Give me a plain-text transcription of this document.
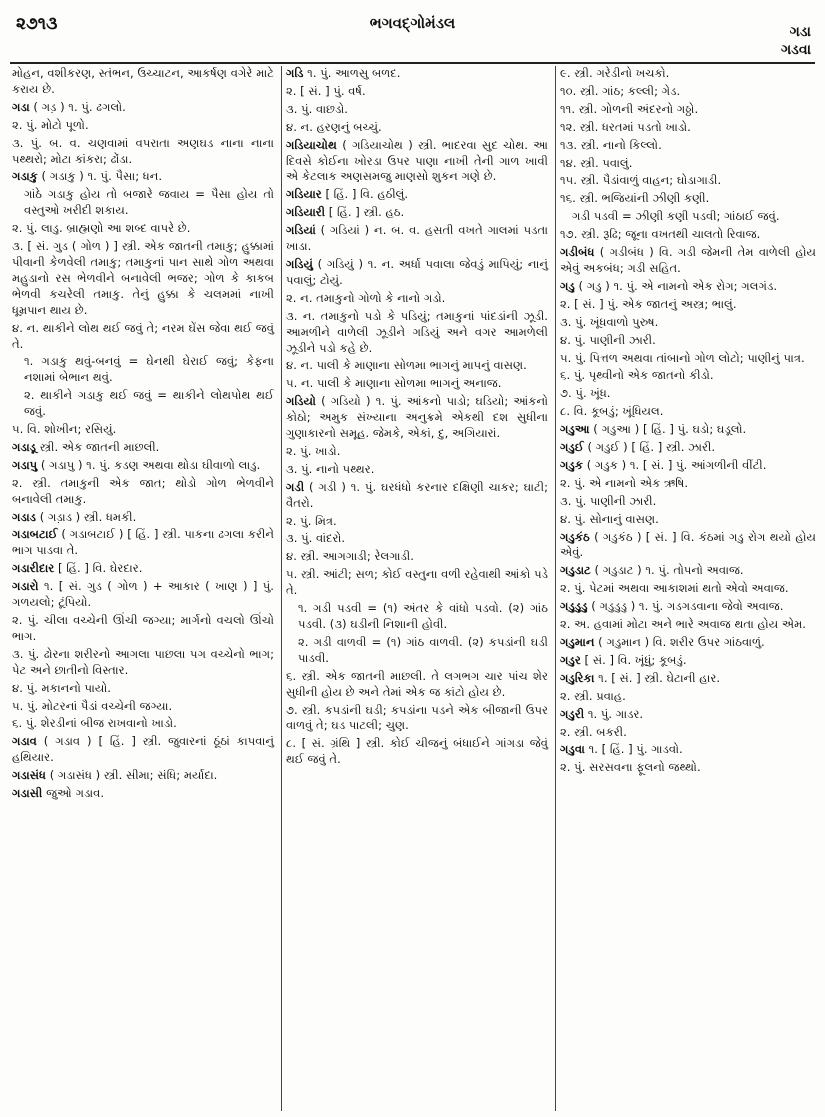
૨૭૧૩	ભગવદ્ગોમંડલ	ગડા
ગડવા
મોહન, વશીકરણ, સ્તંભન, ઉચ્ચાટન, આકર્ષણ વગેરે માટે કરાય છે.
ગડા ( ગડ઼ ) ૧. પું. ઢગલો.
૨. પું. મોટો પૂળો.
૩. પું. બ. વ. ચણવામાં વપરાતા અણઘડ નાના નાના પથ્થરો; મોટા કાંકરા; ઢોંડા.
ગડાકુ ( ગડાકુ ) ૧. પું. પૈસા; ધન.
ગાંઠે ગડાકુ હોય તો બજારે જવાય = પૈસા હોય તો વસ્તુઓ ખરીદી શકાય.
૨. પું. લાડુ. બ્રાહ્મણો આ શબ્દ વાપરે છે.
૩. [ સં. ગુડ ( ગોળ ) ] સ્ત્રી. એક જાતની તમાકુ; હુક્કામાં પીવાની કેળવેલી તમાકુ; તમાકુનાં પાન સાથે ગોળ અથવા મહુડાનો રસ ભેળવીને બનાવેલી ભજર; ગોળ કે કાકબ ભેળવી કચરેલી તમાકુ. તેનું હુક્કા કે ચલમમાં નાખી ધૂમ્રપાન થાય છે.
૪. ન. થાકીને લોથ થઈ જવું તે; નરમ ઘેંસ જેવા થઈ જવું તે.
૧. ગડાકુ થવું-બનવું = ઘેનથી ઘેરાઈ જવું; કેફના નશામાં બેભાન થવું.
૨. થાકીને ગડાકુ થઈ જવું = થાકીને લોથપોથ થઈ જવું.
૫. વિ. શોખીન; રસિયું.
ગડાડૂ સ્ત્રી. એક જાતની માછલી.
ગડાપુ ( ગડાપુ ) ૧. પું. કડણ અથવા થોડા ઘીવાળો લાડુ.
૨. સ્ત્રી. તમાકુની એક જાત; થોડો ગોળ ભેળવીને બનાવેલી તમાકુ.
ગડાડ ( ગડ઼ાડ ) સ્ત્રી. ધમકી.
ગડાબટાઈ ( ગડાબટાઈ ) [ હિં. ] સ્ત્રી. પાકના ઢગલા કરીને ભાગ પાડવા તે.
ગડારીદાર [ હિં. ] વિ. ઘેરદાર.
ગડારો ૧. [ સં. ગુડ ( ગોળ ) + આકાર ( ખાણ ) ] પું. ગળયલો; ટૂંપિયો.
૨. પું. ચીલા વચ્ચેની ઊંચી જગ્યા; માર્ગનો વચલો ઊંચો ભાગ.
૩. પું. ઢોરના શરીરનો આગલા પાછલા પગ વચ્ચેનો ભાગ; પેટ અને છાતીનો વિસ્તાર.
૪. પું. મકાનનો પાયો.
૫. પું. મોટરનાં પૈડાં વચ્ચેની જગ્યા.
૬. પું. શેરડીનાં બીજ રાખવાનો ખાડો.
ગડાવ ( ગડાવ ) [ હિં. ] સ્ત્રી. જુવારનાં ઠૂંઠાં કાપવાનું હથિયાર.
ગડાસંધ ( ગડાસંધ ) સ્ત્રી. સીમા; સંધિ; મર્યાદા.
ગડાસી જુઓ ગડાવ.
ગડિ ૧. પું. આળસુ બળદ.
૨. [ સં. ] પું. વર્ષ.
૩. પું. વાછડો.
૪. ન. હરણનું બચ્ચું.
ગડિયાચોથ ( ગડિયાચોથ ) સ્ત્રી. ભાદરવા સુદ ચોથ. આ દિવસે કોઈના ખોરડા ઉપર પાણા નાખી તેની ગાળ ખાવી એ કેટલાક અણસમજુ માણસો શુકન ગણે છે.
ગડિયાર [ હિં. ] વિ. હઠીલું.
ગડિયારી [ હિં. ] સ્ત્રી. હઠ.
ગડિયાં ( ગડિયાં ) ન. બ. વ. હસતી વખતે ગાલમાં પડતા ખાડા.
ગડિયું ( ગડિયું ) ૧. ન. અર્ધા પવાલા જેવડું માપિયું; નાનું પવાલું; ટોયું.
૨. ન. તમાકુનો ગોળો કે નાનો ગડો.
૩. ન. તમાકુનો પડો કે પડિયું; તમાકુનાં પાંદડાંની ઝૂડી. આમળીને વાળેલી ઝૂડીને ગડિયું અને વગર આમળેલી ઝૂડીને પડો કહે છે.
૪. ન. પાલી કે માણાના સોળમા ભાગનું માપનું વાસણ.
૫. ન. પાલી કે માણાના સોળમા ભાગનું અનાજ.
ગડિયો ( ગડિયો ) ૧. પું. આંકનો પાડો; ઘડિયો; આંકનો કોઠો; અમુક સંખ્યાના અનુક્રમે એકથી દશ સુધીના ગુણાકારનો સમૂહ. જેમકે, એકાં, દુ, અગિયારાં.
૨. પું. ખાડો.
૩. પું. નાનો પથ્થર.
ગડી ( ગડી ) ૧. પું. ઘરધંધો કરનાર દક્ષિણી ચાકર; ઘાટી; વૈતરો.
૨. પું. મિત્ર.
૩. પું. વાંદરો.
૪. સ્ત્રી. આગગાડી; રેલગાડી.
૫. સ્ત્રી. આંટી; સળ; કોઈ વસ્તુના વળી રહેવાથી આંકો પડે તે.
૧. ગડી પડવી = (૧) અંતર કે વાંધો પડવો. (૨) ગાંઠ પડવી. (૩) ઘડીની નિશાની હોવી.
૨. ગડી વાળવી = (૧) ગાંઠ વાળવી. (૨) કપડાંની ઘડી પાડવી.
૬. સ્ત્રી. એક જાતની માછલી. તે લગભગ ચાર પાંચ શેર સુધીની હોય છે અને તેમાં એક જ કાંટો હોય છે.
૭. સ્ત્રી. કપડાંની ઘડી; કપડાંના પડને એક બીજાની ઉપર વાળવું તે; ઘડ પાટલી; ચુણ.
૮. [ સં. ગ્રંથિ ] સ્ત્રી. કોઈ ચીજનું બંધાઈને ગાંગડા જેવું થઈ જવું તે.
૯. સ્ત્રી. ગરેડીનો ખચકો.
૧૦. સ્ત્રી. ગાંઠ; કલ્લી; ગેડ.
૧૧. સ્ત્રી. ગોળની અંદરનો ગઠ્ઠો.
૧૨. સ્ત્રી. ધરતમાં પડતો ખાડો.
૧૩. સ્ત્રી. નાનો કિલ્લો.
૧૪. સ્ત્રી. પવાલું.
૧૫. સ્ત્રી. પૈડાંવાળું વાહન; ઘોડાગાડી.
૧૬. સ્ત્રી. ભજિયાંની ઝીણી કણી.
ગડી પડવી = ઝીણી કણી પડવી; ગાંઠાઈ જવું.
૧૭. સ્ત્રી. રૂઢિ; જૂના વખતથી ચાલતો રિવાજ.
ગડીબંધ ( ગડીબંધ ) વિ. ગડી જેમની તેમ વાળેલી હોય એવું અકબંધ; ગડી સહિત.
ગડુ ( ગડુ ) ૧. પું. એ નામનો એક રોગ; ગલગંડ.
૨. [ સં. ] પું. એક જાતનું અસ્ત્ર; ભાલું.
૩. પું. ખૂંધવાળો પુરુષ.
૪. પું. પાણીની ઝારી.
૫. પું. પિત્તળ અથવા તાંબાનો ગોળ લોટો; પાણીનું પાત્ર.
૬. પું. પૃથ્વીનો એક જાતનો કીડો.
૭. પું. ખૂંધ.
૮. વિ. કૂબડું; ખૂંધિયલ.
ગડુઆ ( ગડુઆ ) [ હિં. ] પું. ઘડો; ઘડૂલો.
ગડુઈ ( ગડુઈ ) [ હિં. ] સ્ત્રી. ઝારી.
ગડુક ( ગડુક ) ૧. [ સં. ] પું. આંગળીની વીંટી.
૨. પું. એ નામનો એક ઋષિ.
૩. પું. પાણીની ઝારી.
૪. પું. સોનાનું વાસણ.
ગડુકંઠ ( ગડુકંઠ ) [ સં. ] વિ. કંઠમાં ગડુ રોગ થયો હોય એવું.
ગડુડાટ ( ગડુડાટ ) ૧. પું. તોપનો અવાજ.
૨. પું. પેટમાં અથવા આકાશમાં થતો એવો અવાજ.
ગડુડુડુ ( ગડુડુડુ ) ૧. પું. ગડગડવાના જેવો અવાજ.
૨. અ. હવામાં મોટા અને ભારે અવાજ થતા હોય એમ.
ગડુમાન ( ગડુમાન ) વિ. શરીર ઉપર ગાંઠવાળું.
ગડુર [ સં. ] વિ. ખૂંધું; કૂબડું.
ગડુરિકા ૧. [ સં. ] સ્ત્રી. ઘેટાની હાર.
૨. સ્ત્રી. પ્રવાહ.
ગડુરી ૧. પું. ગાડર.
૨. સ્ત્રી. બકરી.
ગડુવા ૧. [ હિં. ] પું. ગાડવો.
૨. પું. સરસવના ફૂલનો જથ્થો.
